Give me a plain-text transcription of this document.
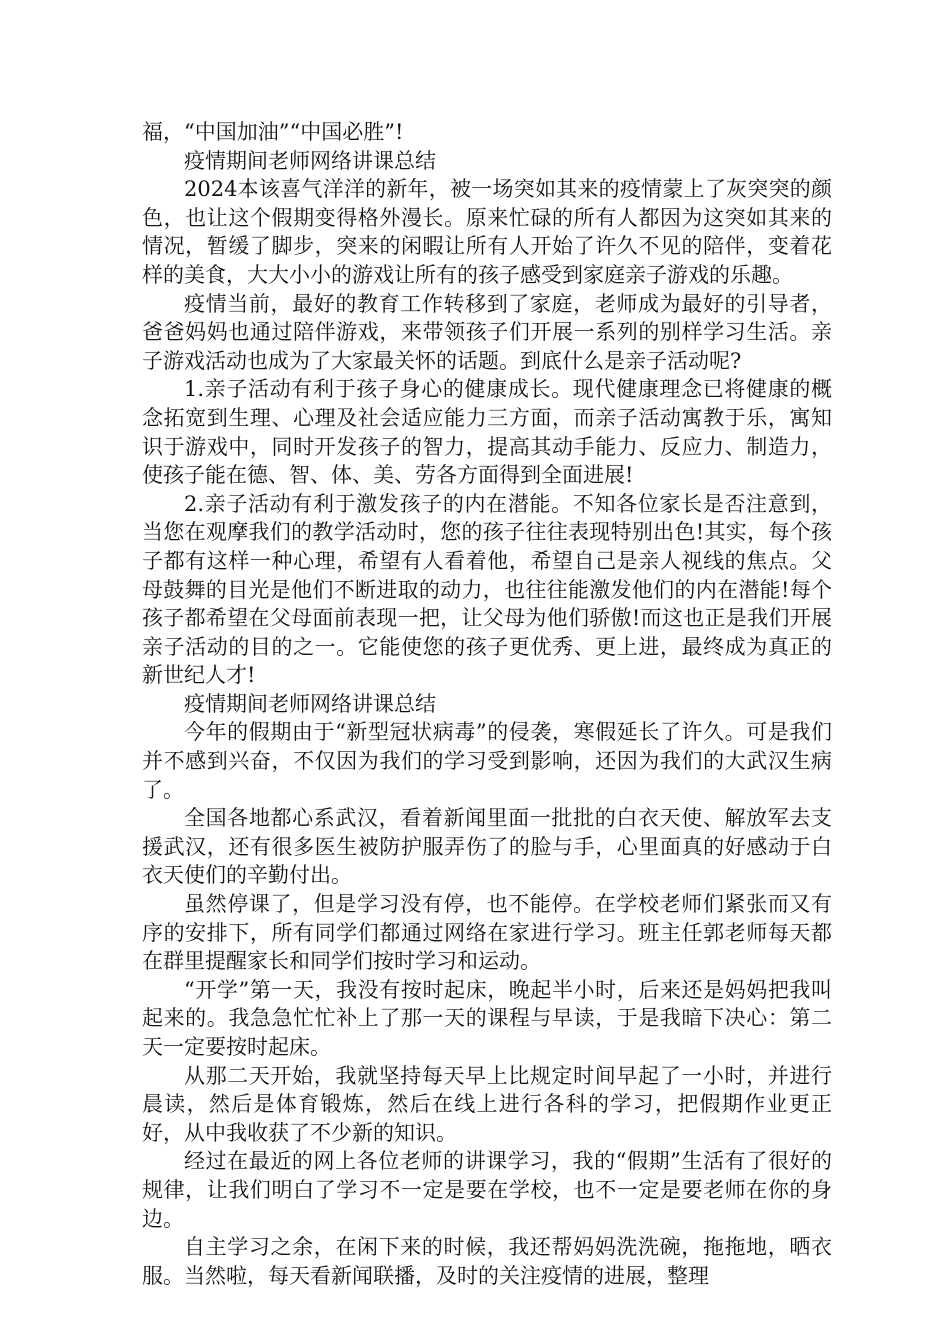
福，“中国加油”“中国必胜”!

疫情期间老师网络讲课总结

2024本该喜气洋洋的新年，被一场突如其来的疫情蒙上了灰突突的颜色，也让这个假期变得格外漫长。原来忙碌的所有人都因为这突如其来的情况，暂缓了脚步，突来的闲暇让所有人开始了许久不见的陪伴，变着花样的美食，大大小小的游戏让所有的孩子感受到家庭亲子游戏的乐趣。

疫情当前，最好的教育工作转移到了家庭，老师成为最好的引导者，爸爸妈妈也通过陪伴游戏，来带领孩子们开展一系列的别样学习生活。亲子游戏活动也成为了大家最关怀的话题。到底什么是亲子活动呢?

1.亲子活动有利于孩子身心的健康成长。现代健康理念已将健康的概念拓宽到生理、心理及社会适应能力三方面，而亲子活动寓教于乐，寓知识于游戏中，同时开发孩子的智力，提高其动手能力、反应力、制造力，使孩子能在德、智、体、美、劳各方面得到全面进展!

2.亲子活动有利于激发孩子的内在潜能。不知各位家长是否注意到，当您在观摩我们的教学活动时，您的孩子往往表现特别出色!其实，每个孩子都有这样一种心理，希望有人看着他，希望自己是亲人视线的焦点。父母鼓舞的目光是他们不断进取的动力，也往往能激发他们的内在潜能!每个孩子都希望在父母面前表现一把，让父母为他们骄傲!而这也正是我们开展亲子活动的目的之一。它能使您的孩子更优秀、更上进，最终成为真正的新世纪人才!

疫情期间老师网络讲课总结

今年的假期由于“新型冠状病毒”的侵袭，寒假延长了许久。可是我们并不感到兴奋，不仅因为我们的学习受到影响，还因为我们的大武汉生病了。

全国各地都心系武汉，看着新闻里面一批批的白衣天使、解放军去支援武汉，还有很多医生被防护服弄伤了的脸与手，心里面真的好感动于白衣天使们的辛勤付出。

虽然停课了，但是学习没有停，也不能停。在学校老师们紧张而又有序的安排下，所有同学们都通过网络在家进行学习。班主任郭老师每天都在群里提醒家长和同学们按时学习和运动。

“开学”第一天，我没有按时起床，晚起半小时，后来还是妈妈把我叫起来的。我急急忙忙补上了那一天的课程与早读，于是我暗下决心：第二天一定要按时起床。

从那二天开始，我就坚持每天早上比规定时间早起了一小时，并进行晨读，然后是体育锻炼，然后在线上进行各科的学习，把假期作业更正好，从中我收获了不少新的知识。

经过在最近的网上各位老师的讲课学习，我的“假期”生活有了很好的规律，让我们明白了学习不一定是要在学校，也不一定是要老师在你的身边。

自主学习之余，在闲下来的时候，我还帮妈妈洗洗碗，拖拖地，晒衣服。当然啦，每天看新闻联播，及时的关注疫情的进展，整理
